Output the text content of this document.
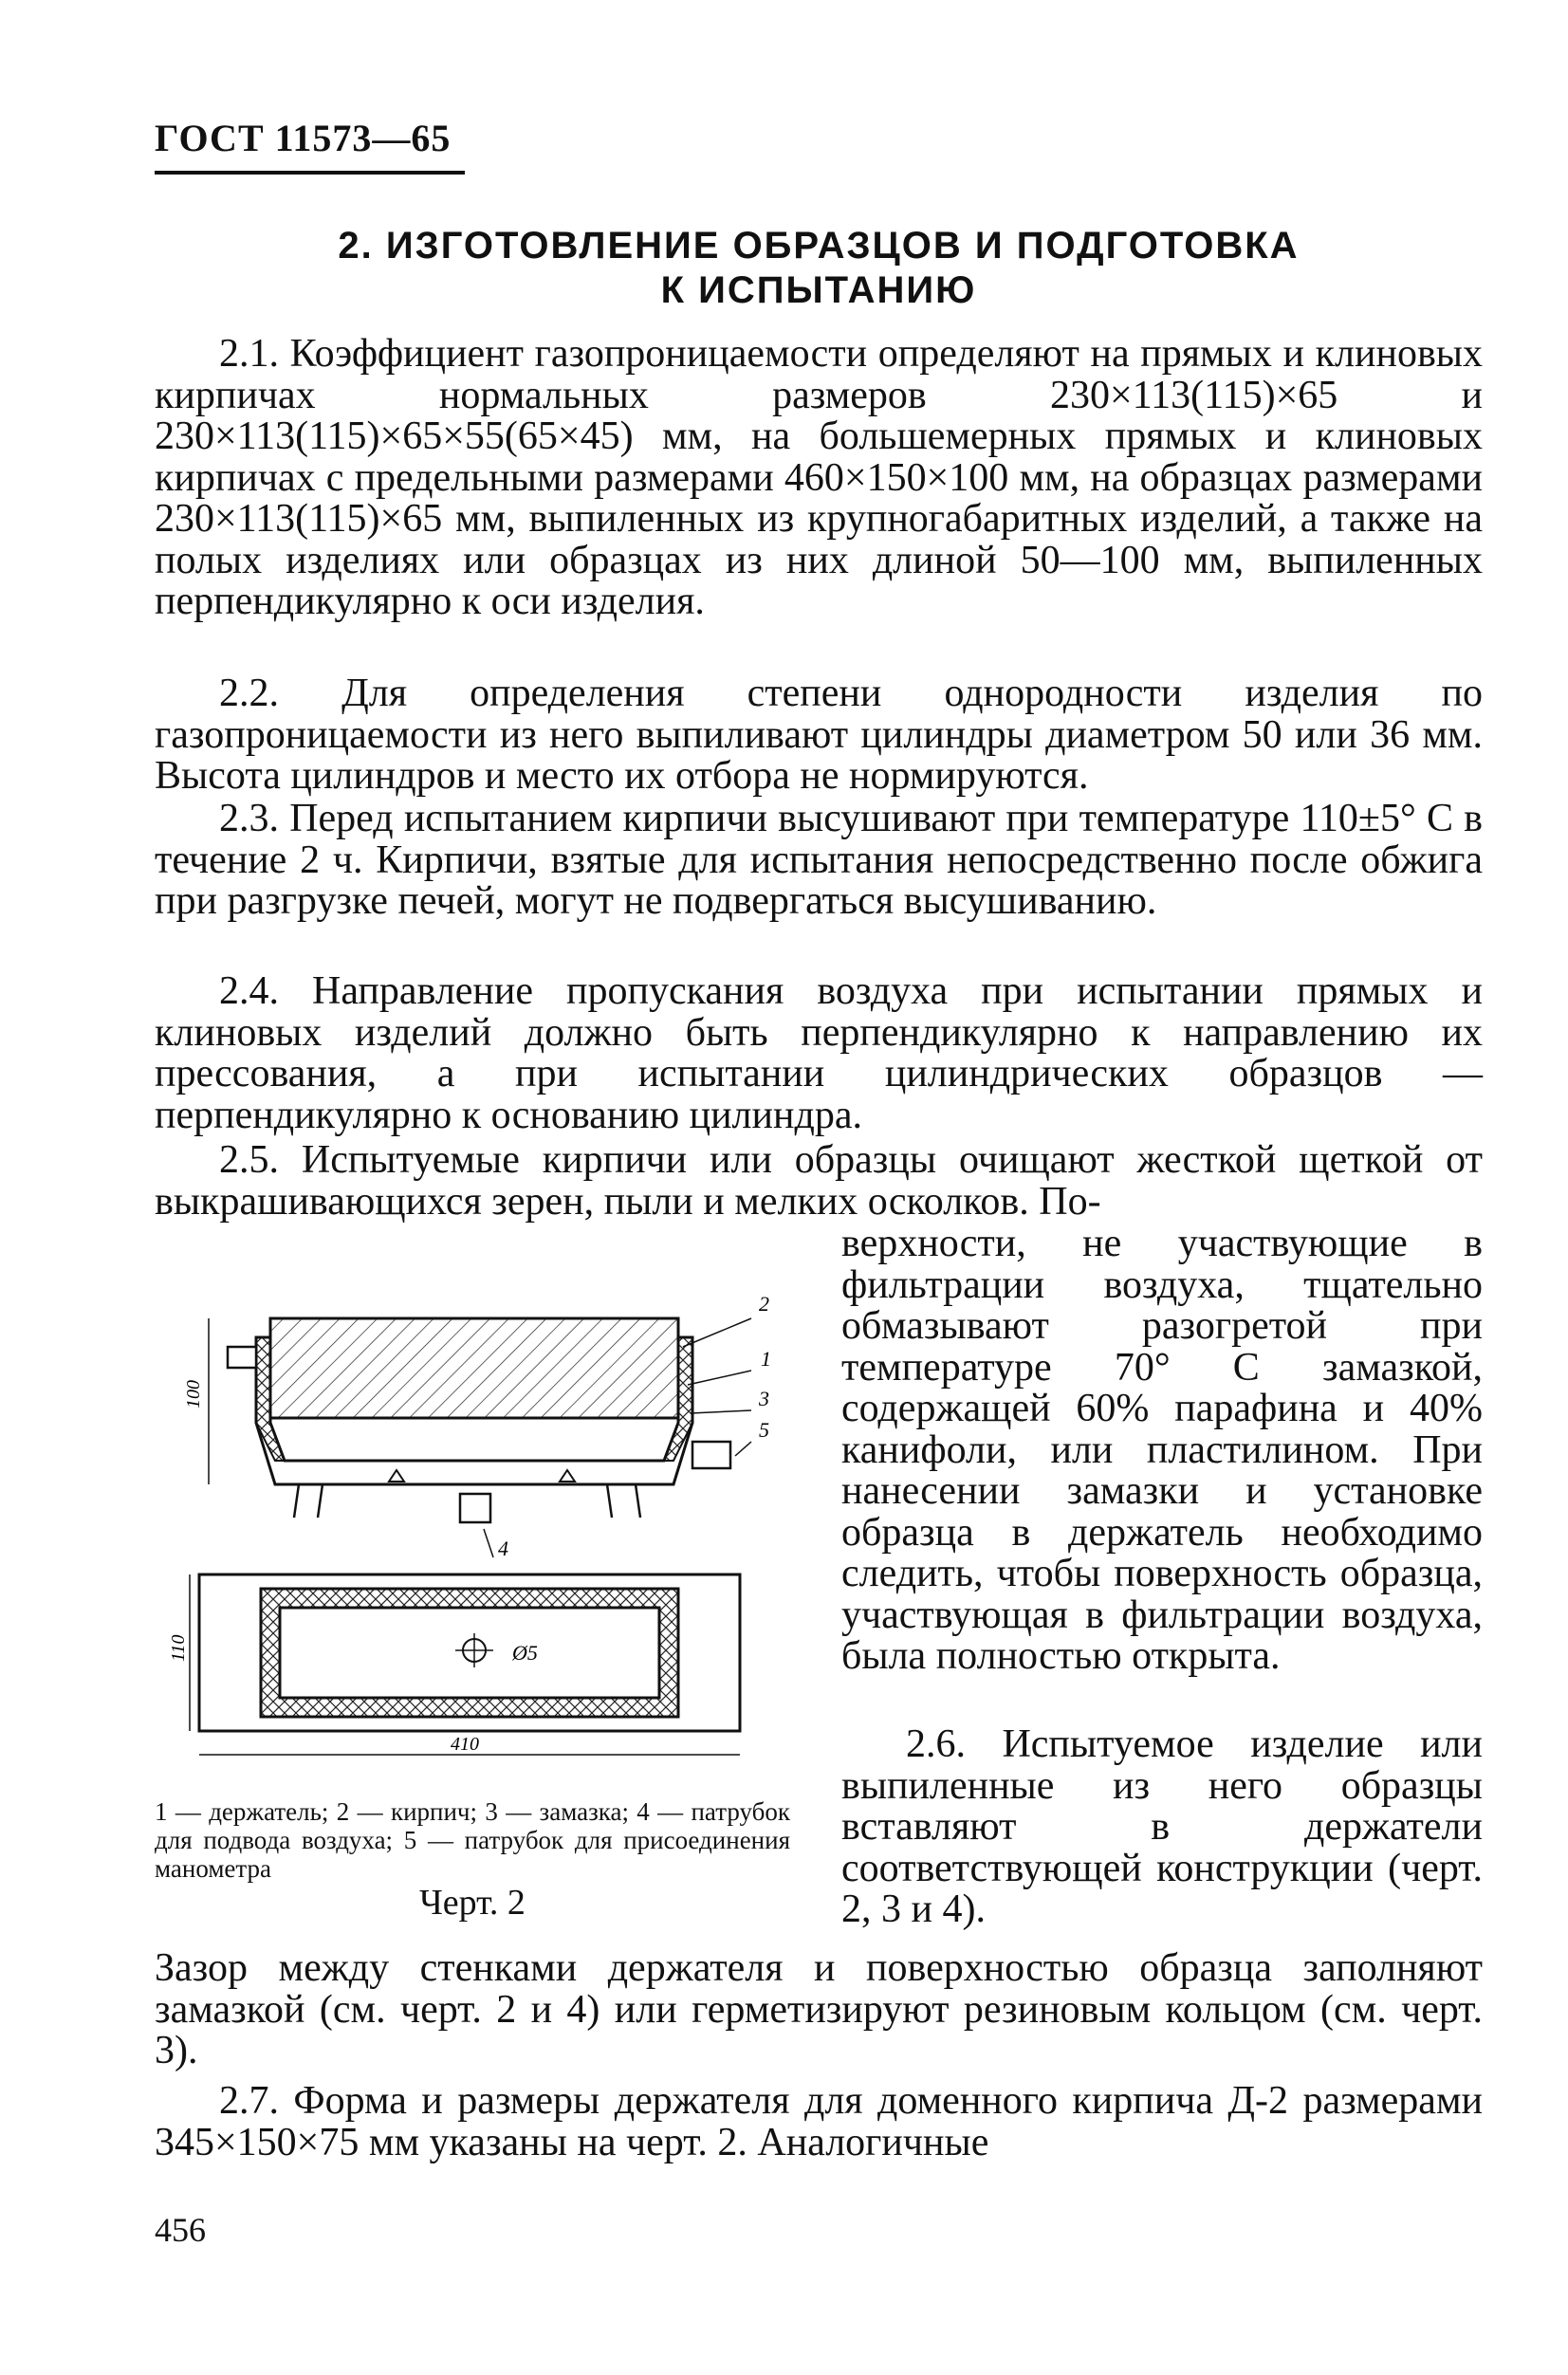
ГОСТ 11573—65
2. ИЗГОТОВЛЕНИЕ ОБРАЗЦОВ И ПОДГОТОВКА
К ИСПЫТАНИЮ

2.1. Коэффициент газопроницаемости определяют на прямых и клиновых кирпичах нормальных размеров 230×113(115)×65 и 230×113(115)×65×55(65×45) мм, на большемерных прямых и клиновых кирпичах с предельными размерами 460×150×100 мм, на образцах размерами 230×113(115)×65 мм, выпиленных из крупногабаритных изделий, а также на полых изделиях или образцах из них длиной 50—100 мм, выпиленных перпендикулярно к оси изделия.

2.2. Для определения степени однородности изделия по газопроницаемости из него выпиливают цилиндры диаметром 50 или 36 мм. Высота цилиндров и место их отбора не нормируются.

2.3. Перед испытанием кирпичи высушивают при температуре 110±5° С в течение 2 ч. Кирпичи, взятые для испытания непосредственно после обжига при разгрузке печей, могут не подвергаться высушиванию.

2.4. Направление пропускания воздуха при испытании прямых и клиновых изделий должно быть перпендикулярно к направлению их прессования, а при испытании цилиндрических образцов — перпендикулярно к основанию цилиндра.

2.5. Испытуемые кирпичи или образцы очищают жесткой щеткой от выкрашивающихся зерен, пыли и мелких осколков. По-

верхности, не участвующие в фильтрации воздуха, тщательно обмазывают разогретой при температуре 70° С замазкой, содержащей 60% парафина и 40% канифоли, или пластилином. При нанесении замазки и установке образца в держатель необходимо следить, чтобы поверхность образца, участвующая в фильтрации воздуха, была полностью открыта.

2.6. Испытуемое изделие или выпиленные из него образцы вставляют в держатели соответствующей конструкции (черт. 2, 3 и 4).

100
2
1
3
5
4
Ø5
110
410
1 — держатель; 2 — кирпич; 3 — замазка; 4 — патрубок для подвода воздуха; 5 — патрубок для присоединения манометра
Черт. 2

Зазор между стенками держателя и поверхностью образца заполняют замазкой (см. черт. 2 и 4) или герметизируют резиновым кольцом (см. черт. 3).

2.7. Форма и размеры держателя для доменного кирпича Д-2 размерами 345×150×75 мм указаны на черт. 2. Аналогичные

456
